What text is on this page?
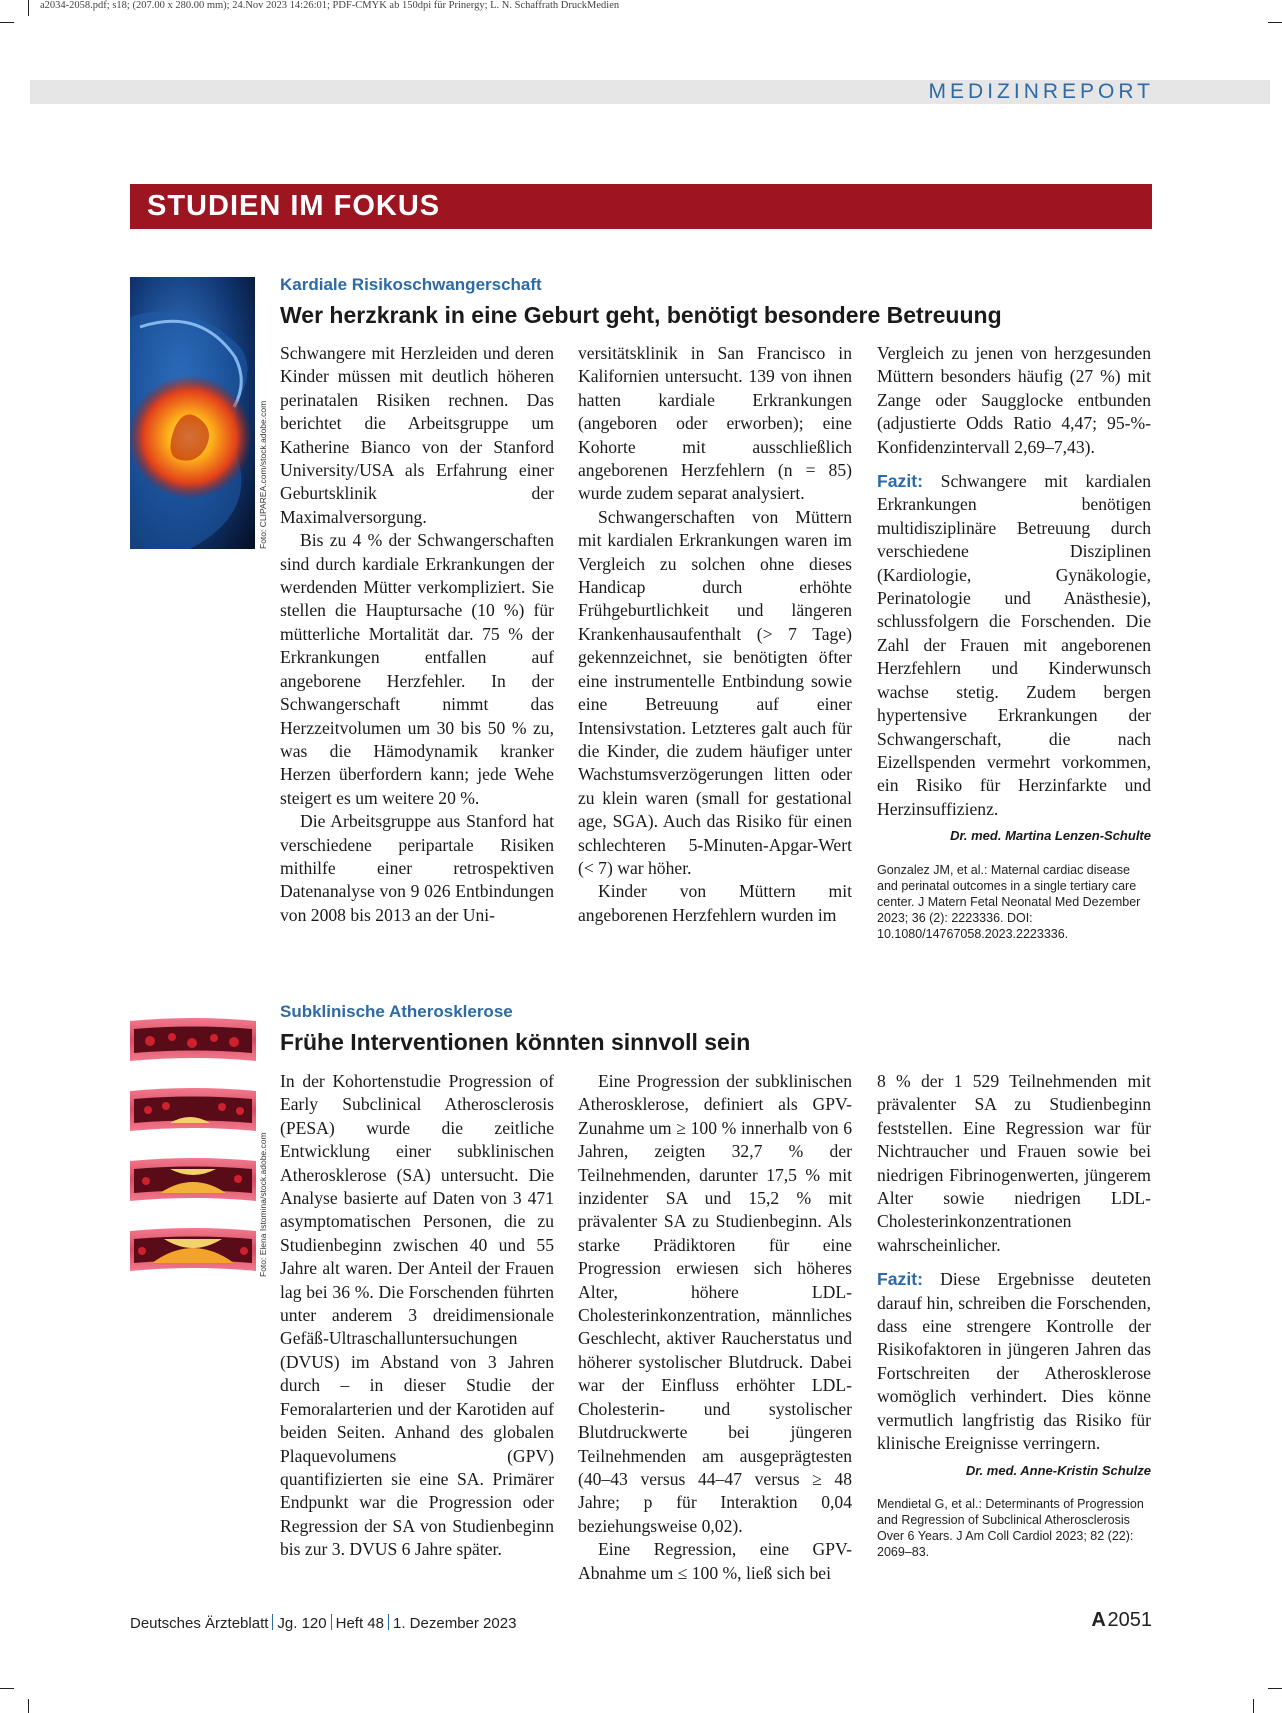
a2034-2058.pdf; s18; (207.00 x 280.00 mm); 24.Nov 2023 14:26:01; PDF-CMYK ab 150dpi für Prinergy; L. N. Schaffrath DruckMedien
MEDIZINREPORT
STUDIEN IM FOKUS
Foto: CLIPAREA.com/stock.adobe.com
Kardiale Risikoschwangerschaft
Wer herzkrank in eine Geburt geht, benötigt besondere Betreuung

Schwangere mit Herzleiden und deren Kinder müssen mit deutlich höheren perinatalen Risiken rechnen. Das berichtet die Arbeitsgruppe um Katherine Bianco von der Stanford University/USA als Erfahrung einer Geburtsklinik der Maximalversorgung.

Bis zu 4 % der Schwangerschaften sind durch kardiale Erkrankungen der werdenden Mütter verkompliziert. Sie stellen die Hauptursache (10 %) für mütterliche Mortalität dar. 75 % der Erkrankungen entfallen auf angeborene Herzfehler. In der Schwangerschaft nimmt das Herzzeitvolumen um 30 bis 50 % zu, was die Hämodynamik kranker Herzen überfordern kann; jede Wehe steigert es um weitere 20 %.

Die Arbeitsgruppe aus Stanford hat verschiedene peripartale Risiken mithilfe einer retrospektiven Datenanalyse von 9 026 Entbindungen von 2008 bis 2013 an der Uni-

versitätsklinik in San Francisco in Kalifornien untersucht. 139 von ihnen hatten kardiale Erkrankungen (angeboren oder erworben); eine Kohorte mit ausschließlich angeborenen Herzfehlern (n = 85) wurde zudem separat analysiert.

Schwangerschaften von Müttern mit kardialen Erkrankungen waren im Vergleich zu solchen ohne dieses Handicap durch erhöhte Frühgeburtlichkeit und längeren Krankenhausaufenthalt (> 7 Tage) gekennzeichnet, sie benötigten öfter eine instrumentelle Entbindung sowie eine Betreuung auf einer Intensivstation. Letzteres galt auch für die Kinder, die zudem häufiger unter Wachstumsverzögerungen litten oder zu klein waren (small for gestational age, SGA). Auch das Risiko für einen schlechteren 5-Minuten-Apgar-Wert (< 7) war höher.

Kinder von Müttern mit angeborenen Herzfehlern wurden im

Vergleich zu jenen von herzgesunden Müttern besonders häufig (27 %) mit Zange oder Saugglocke entbunden (adjustierte Odds Ratio 4,47; 95-%-Konfidenzintervall 2,69–7,43).

Fazit: Schwangere mit kardialen Erkrankungen benötigen multidisziplinäre Betreuung durch verschiedene Disziplinen (Kardiologie, Gynäkologie, Perinatologie und Anästhesie), schlussfolgern die Forschenden. Die Zahl der Frauen mit angeborenen Herzfehlern und Kinderwunsch wachse stetig. Zudem bergen hypertensive Erkrankungen der Schwangerschaft, die nach Eizellspenden vermehrt vorkommen, ein Risiko für Herzinfarkte und Herzinsuffizienz.

Dr. med. Martina Lenzen-Schulte
Gonzalez JM, et al.: Maternal cardiac disease and perinatal outcomes in a single tertiary care center. J Matern Fetal Neonatal Med Dezember 2023; 36 (2): 2223336. DOI: 10.1080/14767058.2023.2223336.
Foto: Elena Istomina/stock.adobe.com
Subklinische Atherosklerose
Frühe Interventionen könnten sinnvoll sein

In der Kohortenstudie Progression of Early Subclinical Atherosclerosis (PESA) wurde die zeitliche Entwicklung einer subklinischen Atherosklerose (SA) untersucht. Die Analyse basierte auf Daten von 3 471 asymptomatischen Personen, die zu Studienbeginn zwischen 40 und 55 Jahre alt waren. Der Anteil der Frauen lag bei 36 %. Die Forschenden führten unter anderem 3 dreidimensionale Gefäß-Ultraschalluntersuchungen (DVUS) im Abstand von 3 Jahren durch – in dieser Studie der Femoralarterien und der Karotiden auf beiden Seiten. Anhand des globalen Plaquevolumens (GPV) quantifizierten sie eine SA. Primärer Endpunkt war die Progression oder Regression der SA von Studienbeginn bis zur 3. DVUS 6 Jahre später.

Eine Progression der subklinischen Atherosklerose, definiert als GPV-Zunahme um ≥ 100 % innerhalb von 6 Jahren, zeigten 32,7 % der Teilnehmenden, darunter 17,5 % mit inzidenter SA und 15,2 % mit prävalenter SA zu Studienbeginn. Als starke Prädiktoren für eine Progression erwiesen sich höheres Alter, höhere LDL-Cholesterinkonzentration, männliches Geschlecht, aktiver Raucherstatus und höherer systolischer Blutdruck. Dabei war der Einfluss erhöhter LDL-Cholesterin- und systolischer Blutdruckwerte bei jüngeren Teilnehmenden am ausgeprägtesten (40–43 versus 44–47 versus ≥ 48 Jahre; p für Interaktion 0,04 beziehungsweise 0,02).

Eine Regression, eine GPV-Abnahme um ≤ 100 %, ließ sich bei

8 % der 1 529 Teilnehmenden mit prävalenter SA zu Studienbeginn feststellen. Eine Regression war für Nichtraucher und Frauen sowie bei niedrigen Fibrinogenwerten, jüngerem Alter sowie niedrigen LDL-Cholesterinkonzentrationen wahrscheinlicher.

Fazit: Diese Ergebnisse deuteten darauf hin, schreiben die Forschenden, dass eine strengere Kontrolle der Risikofaktoren in jüngeren Jahren das Fortschreiten der Atherosklerose womöglich verhindert. Dies könne vermutlich langfristig das Risiko für klinische Ereignisse verringern.

Dr. med. Anne-Kristin Schulze
Mendietal G, et al.: Determinants of Progression and Regression of Subclinical Atherosclerosis Over 6 Years. J Am Coll Cardiol 2023; 82 (22): 2069–83.
Deutsches Ärzteblatt Jg. 120 Heft 48 1. Dezember 2023	A 2051
